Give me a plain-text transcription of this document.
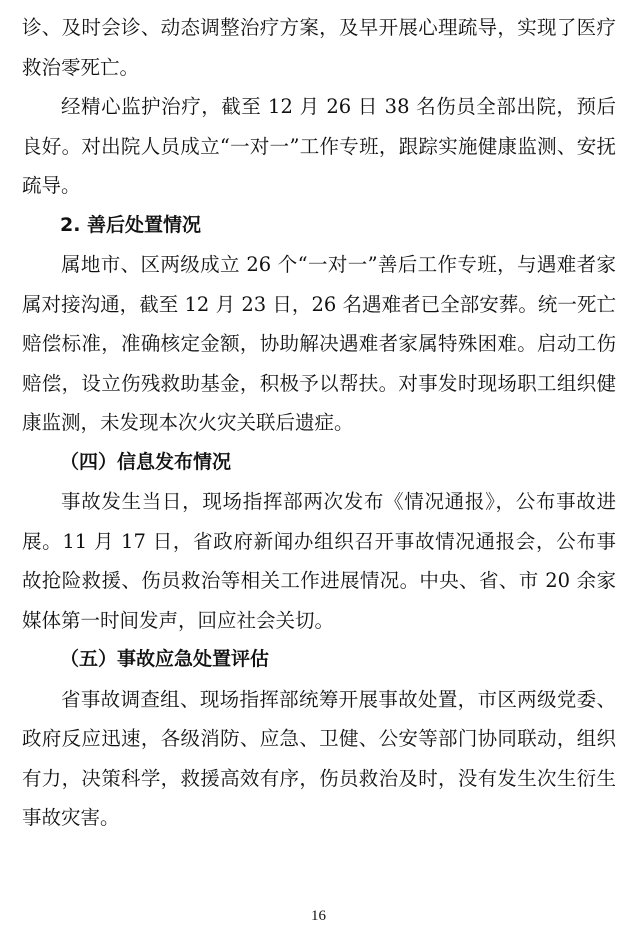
诊、及时会诊、动态调整治疗方案，及早开展心理疏导，实现了医疗救治零死亡。

经精心监护治疗，截至 12 月 26 日 38 名伤员全部出院，预后良好。对出院人员成立“一对一”工作专班，跟踪实施健康监测、安抚疏导。

2. 善后处置情况

属地市、区两级成立 26 个“一对一”善后工作专班，与遇难者家属对接沟通，截至 12 月 23 日，26 名遇难者已全部安葬。统一死亡赔偿标准，准确核定金额，协助解决遇难者家属特殊困难。启动工伤赔偿，设立伤残救助基金，积极予以帮扶。对事发时现场职工组织健康监测，未发现本次火灾关联后遗症。

（四）信息发布情况

事故发生当日，现场指挥部两次发布《情况通报》，公布事故进展。11 月 17 日，省政府新闻办组织召开事故情况通报会，公布事故抢险救援、伤员救治等相关工作进展情况。中央、省、市 20 余家媒体第一时间发声，回应社会关切。

（五）事故应急处置评估

省事故调查组、现场指挥部统筹开展事故处置，市区两级党委、政府反应迅速，各级消防、应急、卫健、公安等部门协同联动，组织有力，决策科学，救援高效有序，伤员救治及时，没有发生次生衍生事故灾害。

16
